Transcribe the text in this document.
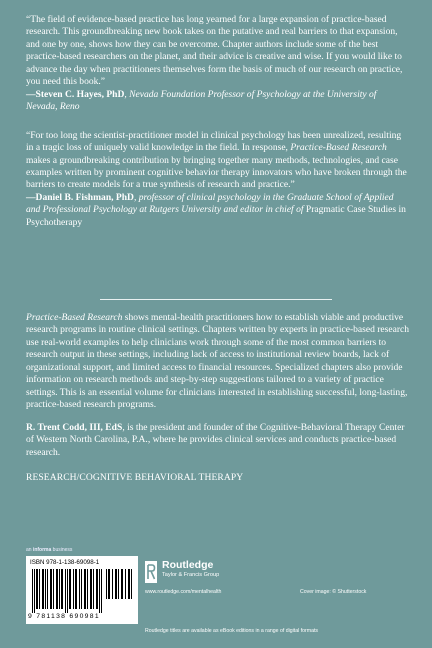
“The field of evidence-based practice has long yearned for a large expansion of practice-based research. This groundbreaking new book takes on the putative and real barriers to that expansion, and one by one, shows how they can be overcome. Chapter authors include some of the best practice-based researchers on the planet, and their advice is creative and wise. If you would like to advance the day when practitioners themselves form the basis of much of our research on practice, you need this book.”

—Steven C. Hayes, PhD, Nevada Foundation Professor of Psychology at the University of Nevada, Reno

“For too long the scientist-practitioner model in clinical psychology has been unrealized, resulting in a tragic loss of uniquely valid knowledge in the field. In response, Practice-Based Research makes a groundbreaking contribution by bringing together many methods, technologies, and case examples written by prominent cognitive behavior therapy innovators who have broken through the barriers to create models for a true synthesis of research and practice.”

—Daniel B. Fishman, PhD, professor of clinical psychology in the Graduate School of Applied and Professional Psychology at Rutgers University and editor in chief of Pragmatic Case Studies in Psychotherapy

Practice-Based Research shows mental-health practitioners how to establish viable and productive research programs in routine clinical settings. Chapters written by experts in practice-based research use real-world examples to help clinicians work through some of the most common barriers to research output in these settings, including lack of access to institutional review boards, lack of organizational support, and limited access to financial resources. Specialized chapters also provide information on research methods and step-by-step suggestions tailored to a variety of practice settings. This is an essential volume for clinicians interested in establishing successful, long-lasting, practice-based research programs.

R. Trent Codd, III, EdS, is the president and founder of the Cognitive-Behavioral Therapy Center of Western North Carolina, P.A., where he provides clinical services and conducts practice-based research.

RESEARCH/COGNITIVE BEHAVIORAL THERAPY

an informa business
ISBN 978-1-138-69098-1
9 781138 690981
Routledge
Taylor & Francis Group
www.routledge.com/mentalhealth	Cover image: © Shutterstock
Routledge titles are available as eBook editions in a range of digital formats
